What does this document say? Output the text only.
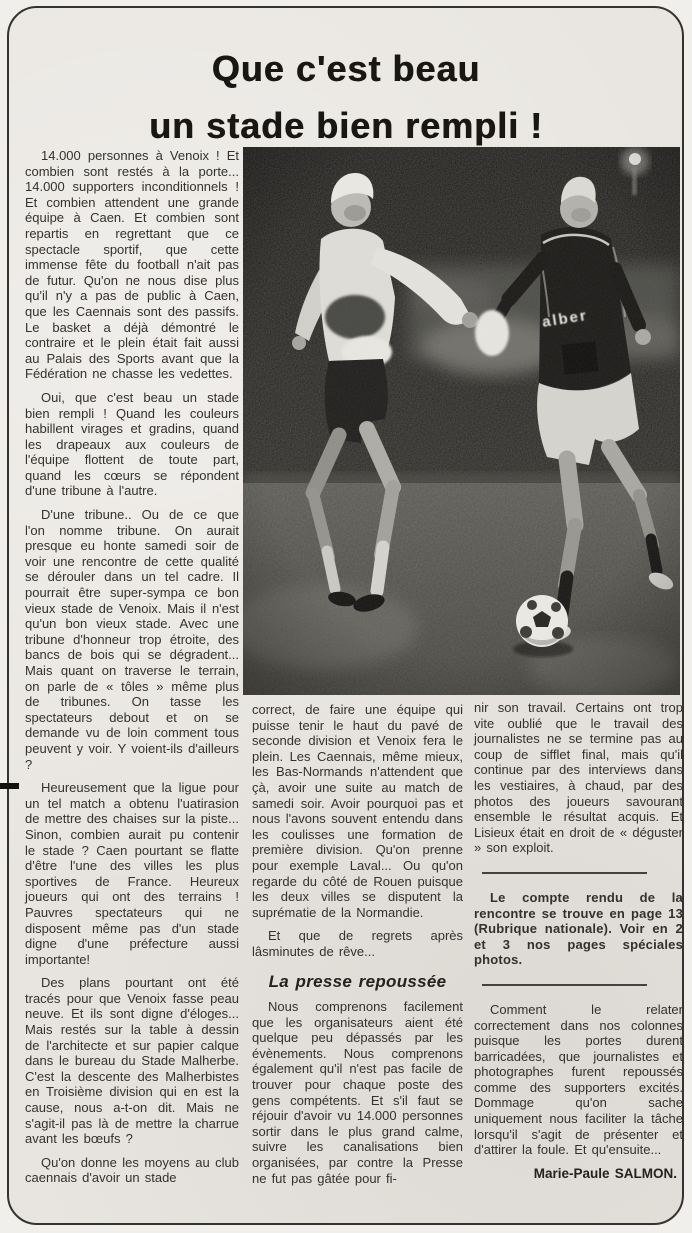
Que c'est beau
un stade bien rempli !

14.000 personnes à Venoix ! Et combien sont restés à la porte... 14.000 supporters inconditionnels ! Et combien attendent une grande équipe à Caen. Et combien sont repartis en regrettant que ce spectacle sportif, que cette immense fête du football n'ait pas de futur. Qu'on ne nous dise plus qu'il n'y a pas de public à Caen, que les Caennais sont des passifs. Le basket a déjà démontré le contraire et le plein était fait aussi au Palais des Sports avant que la Fédération ne chasse les vedettes.

Oui, que c'est beau un stade bien rempli ! Quand les couleurs habillent virages et gradins, quand les drapeaux aux couleurs de l'équipe flottent de toute part, quand les cœurs se répondent d'une tribune à l'autre.

D'une tribune.. Ou de ce que l'on nomme tribune. On aurait presque eu honte samedi soir de voir une rencontre de cette qualité se dérouler dans un tel cadre. Il pourrait être super-sympa ce bon vieux stade de Venoix. Mais il n'est qu'un bon vieux stade. Avec une tribune d'honneur trop étroite, des bancs de bois qui se dégradent... Mais quant on traverse le terrain, on parle de « tôles » même plus de tribunes. On tasse les spectateurs debout et on se demande vu de loin comment tous peuvent y voir. Y voient-ils d'ailleurs ?

Heureusement que la ligue pour un tel match a obtenu l'uatirasion de mettre des chaises sur la piste... Sinon, combien aurait pu contenir le stade ? Caen pourtant se flatte d'être l'une des villes les plus sportives de France. Heureux joueurs qui ont des terrains ! Pauvres spectateurs qui ne disposent même pas d'un stade digne d'une préfecture aussi importante!

Des plans pourtant ont été tracés pour que Venoix fasse peau neuve. Et ils sont digne d'éloges... Mais restés sur la table à dessin de l'architecte et sur papier calque dans le bureau du Stade Malherbe. C'est la descente des Malherbistes en Troisième division qui en est la cause, nous a-t-on dit. Mais ne s'agit-il pas là de mettre la charrue avant les bœufs ?

Qu'on donne les moyens au club caennais d'avoir un stade

correct, de faire une équipe qui puisse tenir le haut du pavé de seconde division et Venoix fera le plein. Les Caennais, même mieux, les Bas-Normands n'attendent que çà, avoir une suite au match de samedi soir. Avoir pourquoi pas et nous l'avons souvent entendu dans les coulisses une formation de première division. Qu'on prenne pour exemple Laval... Ou qu'on regarde du côté de Rouen puisque les deux villes se disputent la suprématie de la Normandie.

Et que de regrets après lâsminutes de rêve...

La presse repoussée

Nous comprenons facilement que les organisateurs aient été quelque peu dépassés par les évènements. Nous comprenons également qu'il n'est pas facile de trouver pour chaque poste des gens compétents. Et s'il faut se réjouir d'avoir vu 14.000 personnes sortir dans le plus grand calme, suivre les canalisations bien organisées, par contre la Presse ne fut pas gâtée pour fi-

nir son travail. Certains ont trop vite oublié que le travail des journalistes ne se termine pas au coup de sifflet final, mais qu'il continue par des interviews dans les vestiaires, à chaud, par des photos des joueurs savourant ensemble le résultat acquis. Et Lisieux était en droit de « déguster » son exploit.

Le compte rendu de la rencontre se trouve en page 13 (Rubrique nationale). Voir en 2 et 3 nos pages spéciales photos.

Comment le relater correctement dans nos colonnes puisque les portes durent barricadées, que journalistes et photographes furent repoussés comme des supporters excités. Dommage qu'on sache uniquement nous faciliter la tâche lorsqu'il s'agit de présenter et d'attirer la foule. Et qu'ensuite...

Marie-Paule SALMON.
